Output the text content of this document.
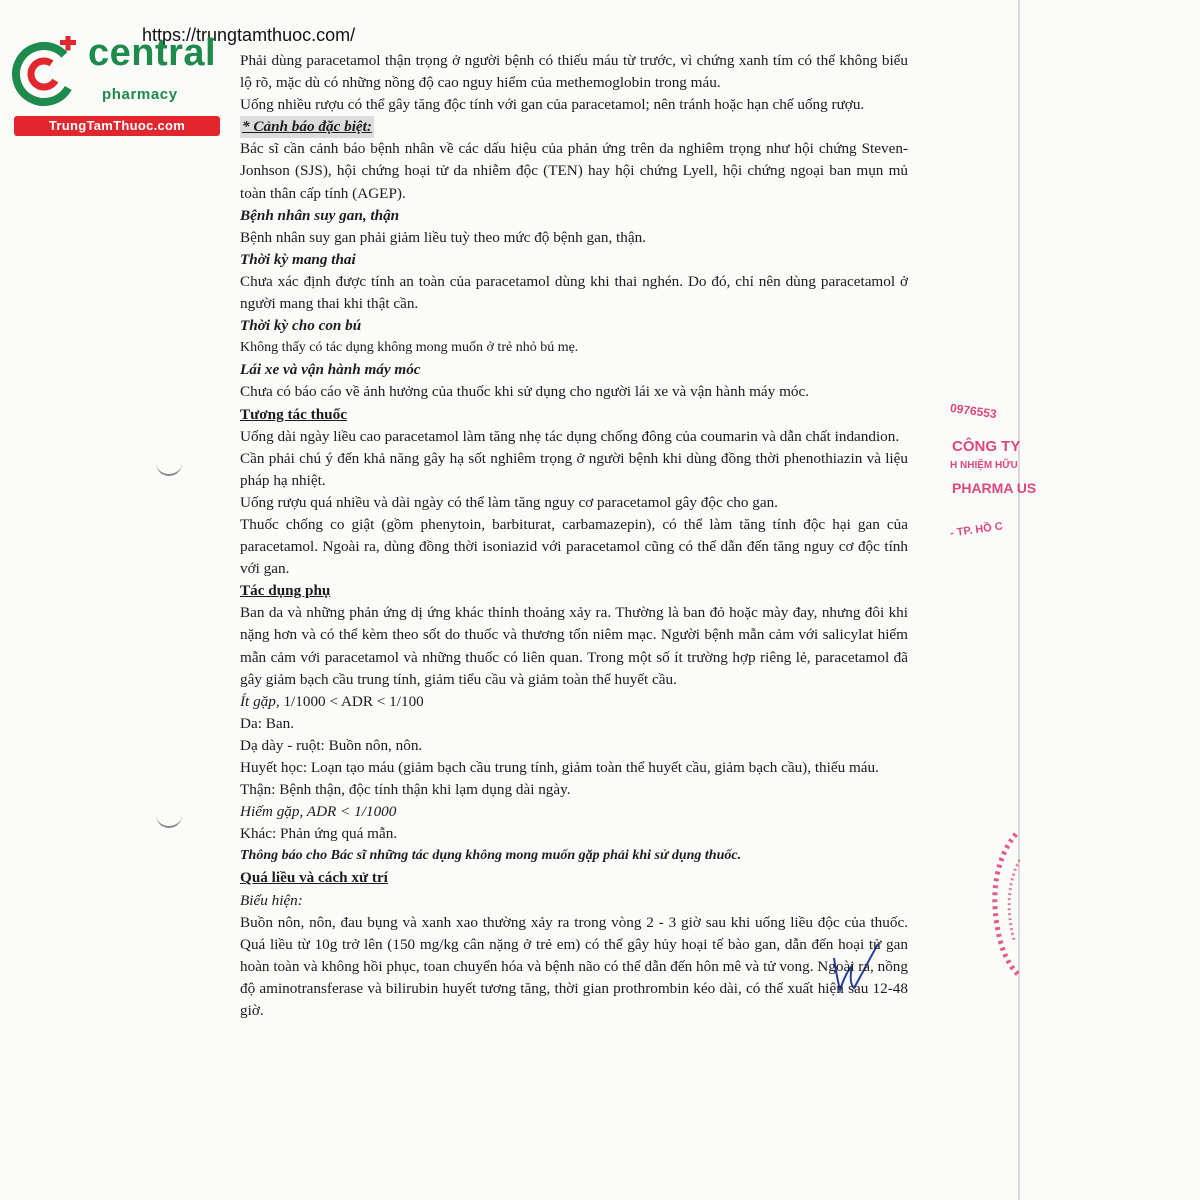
https://trungtamthuoc.com/
central
pharmacy
TrungTamThuoc.com
0976553
CÔNG TY
H NHIỆM HỮU
PHARMA US
- TP. HỒ C

Phải dùng paracetamol thận trọng ở người bệnh có thiếu máu từ trước, vì chứng xanh tím có thể không biểu lộ rõ, mặc dù có những nồng độ cao nguy hiểm của methemoglobin trong máu.

Uống nhiều rượu có thể gây tăng độc tính với gan của paracetamol; nên tránh hoặc hạn chế uống rượu.

* Cảnh báo đặc biệt:

Bác sĩ cần cảnh báo bệnh nhân về các dấu hiệu của phản ứng trên da nghiêm trọng như hội chứng Steven-Jonhson (SJS), hội chứng hoại tử da nhiễm độc (TEN) hay hội chứng Lyell, hội chứng ngoại ban mụn mủ toàn thân cấp tính (AGEP).

Bệnh nhân suy gan, thận

Bệnh nhân suy gan phải giảm liều tuỳ theo mức độ bệnh gan, thận.

Thời kỳ mang thai

Chưa xác định được tính an toàn của paracetamol dùng khi thai nghén. Do đó, chỉ nên dùng paracetamol ở người mang thai khi thật cần.

Thời kỳ cho con bú

Không thấy có tác dụng không mong muốn ở trẻ nhỏ bú mẹ.

Lái xe và vận hành máy móc

Chưa có báo cáo về ảnh hưởng của thuốc khi sử dụng cho người lái xe và vận hành máy móc.

Tương tác thuốc

Uống dài ngày liều cao paracetamol làm tăng nhẹ tác dụng chống đông của coumarin và dẫn chất indandion.

Cần phải chú ý đến khả năng gây hạ sốt nghiêm trọng ở người bệnh khi dùng đồng thời phenothiazin và liệu pháp hạ nhiệt.

Uống rượu quá nhiều và dài ngày có thể làm tăng nguy cơ paracetamol gây độc cho gan.

Thuốc chống co giật (gồm phenytoin, barbiturat, carbamazepin), có thể làm tăng tính độc hại gan của paracetamol. Ngoài ra, dùng đồng thời isoniazid với paracetamol cũng có thể dẫn đến tăng nguy cơ độc tính với gan.

Tác dụng phụ

Ban da và những phản ứng dị ứng khác thỉnh thoảng xảy ra. Thường là ban đỏ hoặc mày đay, nhưng đôi khi nặng hơn và có thể kèm theo sốt do thuốc và thương tổn niêm mạc. Người bệnh mẫn cảm với salicylat hiếm mẫn cảm với paracetamol và những thuốc có liên quan. Trong một số ít trường hợp riêng lẻ, paracetamol đã gây giảm bạch cầu trung tính, giảm tiểu cầu và giảm toàn thể huyết cầu.

Ít gặp, 1/1000 < ADR < 1/100

Da: Ban.

Dạ dày - ruột: Buồn nôn, nôn.

Huyết học: Loạn tạo máu (giảm bạch cầu trung tính, giảm toàn thể huyết cầu, giảm bạch cầu), thiếu máu.

Thận: Bệnh thận, độc tính thận khi lạm dụng dài ngày.

Hiếm gặp, ADR < 1/1000

Khác: Phản ứng quá mẫn.

Thông báo cho Bác sĩ những tác dụng không mong muốn gặp phải khi sử dụng thuốc.

Quá liều và cách xử trí

Biểu hiện:

Buồn nôn, nôn, đau bụng và xanh xao thường xảy ra trong vòng 2 - 3 giờ sau khi uống liều độc của thuốc. Quá liều từ 10g trở lên (150 mg/kg cân nặng ở trẻ em) có thể gây hủy hoại tế bào gan, dẫn đến hoại tử gan hoàn toàn và không hồi phục, toan chuyển hóa và bệnh não có thể dẫn đến hôn mê và tử vong. Ngoài ra, nồng độ aminotransferase và bilirubin huyết tương tăng, thời gian prothrombin kéo dài, có thể xuất hiện sau 12-48 giờ.
